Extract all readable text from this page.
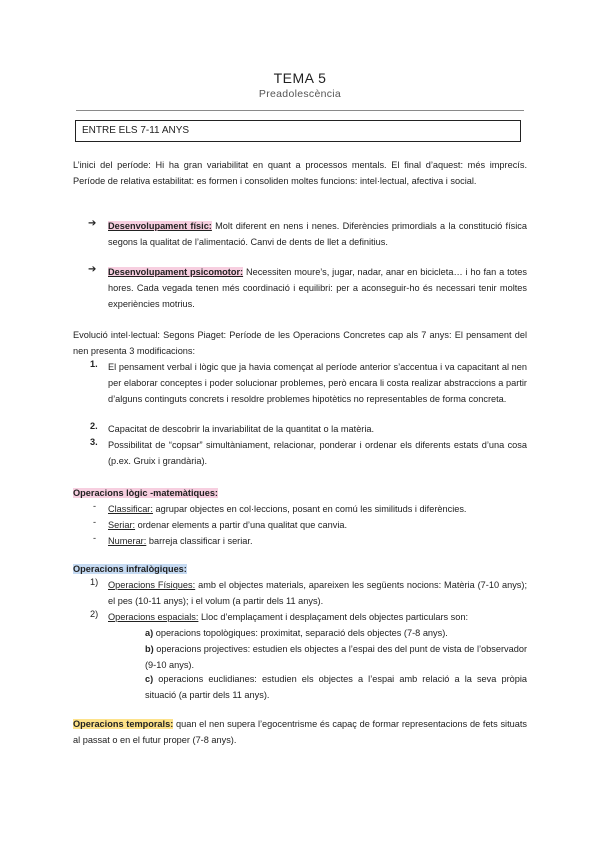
TEMA 5
Preadolescència
ENTRE ELS 7-11 ANYS
L’inici del període: Hi ha gran variabilitat en quant a processos mentals. El final d’aquest: més imprecís. Període de relativa estabilitat: es formen i consoliden moltes funcions: intel·lectual, afectiva i social.
➔ Desenvolupament físic: Molt diferent en nens i nenes. Diferències primordials a la constitució física segons la qualitat de l’alimentació. Canvi de dents de llet a definitius.
➔ Desenvolupament psicomotor: Necessiten moure’s, jugar, nadar, anar en bicicleta… i ho fan a totes hores. Cada vegada tenen més coordinació i equilibri: per a aconseguir-ho és necessari tenir moltes experiències motrius.
Evolució intel·lectual: Segons Piaget: Període de les Operacions Concretes cap als 7 anys: El pensament del nen presenta 3 modificacions:
1. El pensament verbal i lògic que ja havia començat al període anterior s’accentua i va capacitant al nen per elaborar conceptes i poder solucionar problemes, però encara li costa realizar abstraccions a partir d’alguns continguts concrets i resoldre problemes hipotètics no representables de forma concreta.
2. Capacitat de descobrir la invariabilitat de la quantitat o la matèria.
3. Possibilitat de “copsar” simultàniament, relacionar, ponderar i ordenar els diferents estats d’una cosa (p.ex. Gruix i grandària).
Operacions lògic -matemàtiques:
- Classificar: agrupar objectes en col·leccions, posant en comú les similituds i diferències.
- Seriar: ordenar elements a partir d’una qualitat que canvia.
- Numerar: barreja classificar i seriar.
Operacions infralògiques:
1) Operacions Físiques: amb el objectes materials, apareixen les següents nocions: Matèria (7-10 anys); el pes (10-11 anys); i el volum (a partir dels 11 anys).
2) Operacions espacials: Lloc d’emplaçament i desplaçament dels objectes particulars son:
a) operacions topològiques: proximitat, separació dels objectes (7-8 anys).
b) operacions projectives: estudien els objectes a l’espai des del punt de vista de l’observador (9-10 anys).
c) operacions euclidianes: estudien els objectes a l’espai amb relació a la seva pròpia situació (a partir dels 11 anys).
Operacions temporals: quan el nen supera l’egocentrisme és capaç de formar representacions de fets situats al passat o en el futur proper (7-8 anys).
